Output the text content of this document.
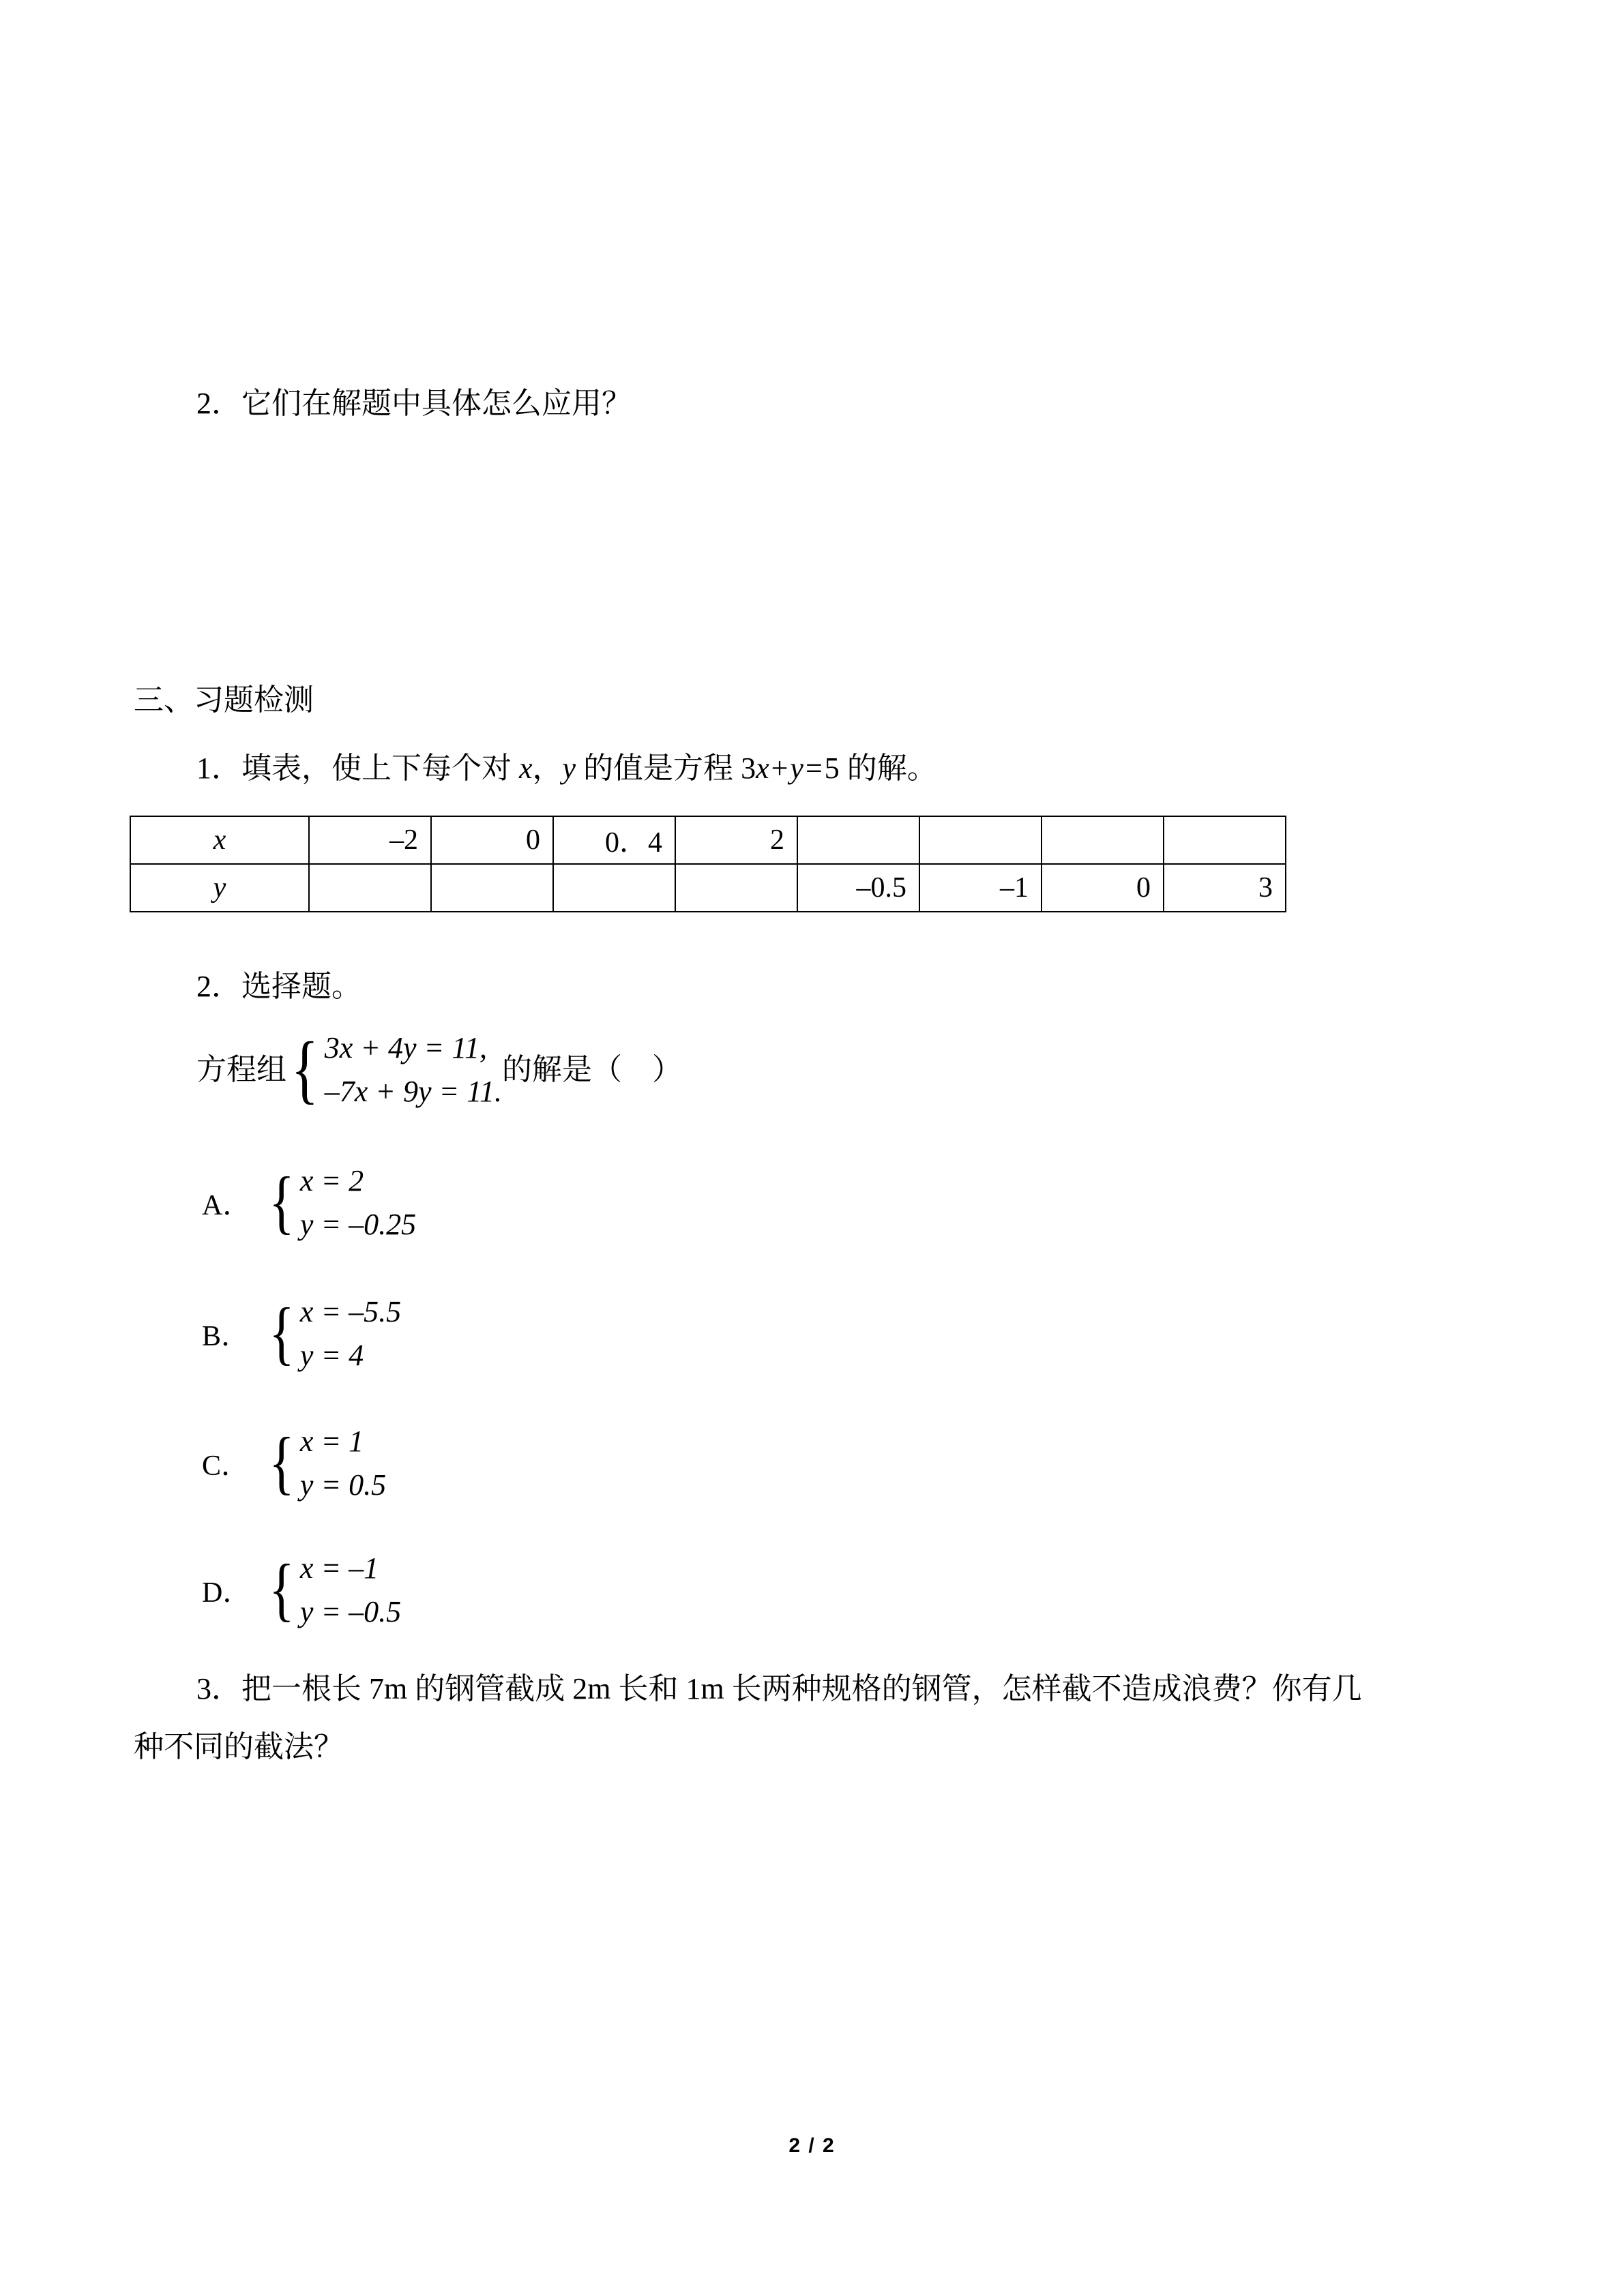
2．它们在解题中具体怎么应用？
三、习题检测
1．填表，使上下每个对 x，y 的值是方程 3x+y=5 的解。
x	–2	0	0．4	2				
y					–0.5	–1	0	3
2．选择题。
方程组 { 3x + 4y = 11,
–7x + 9y = 11.
的解是（　）
A． { x = 2
y = –0.25
B． { x = –5.5
y = 4
C． { x = 1
y = 0.5
D． { x = –1
y = –0.5
3．把一根长 7m 的钢管截成 2m 长和 1m 长两种规格的钢管，怎样截不造成浪费？你有几
种不同的截法？
2 / 2
